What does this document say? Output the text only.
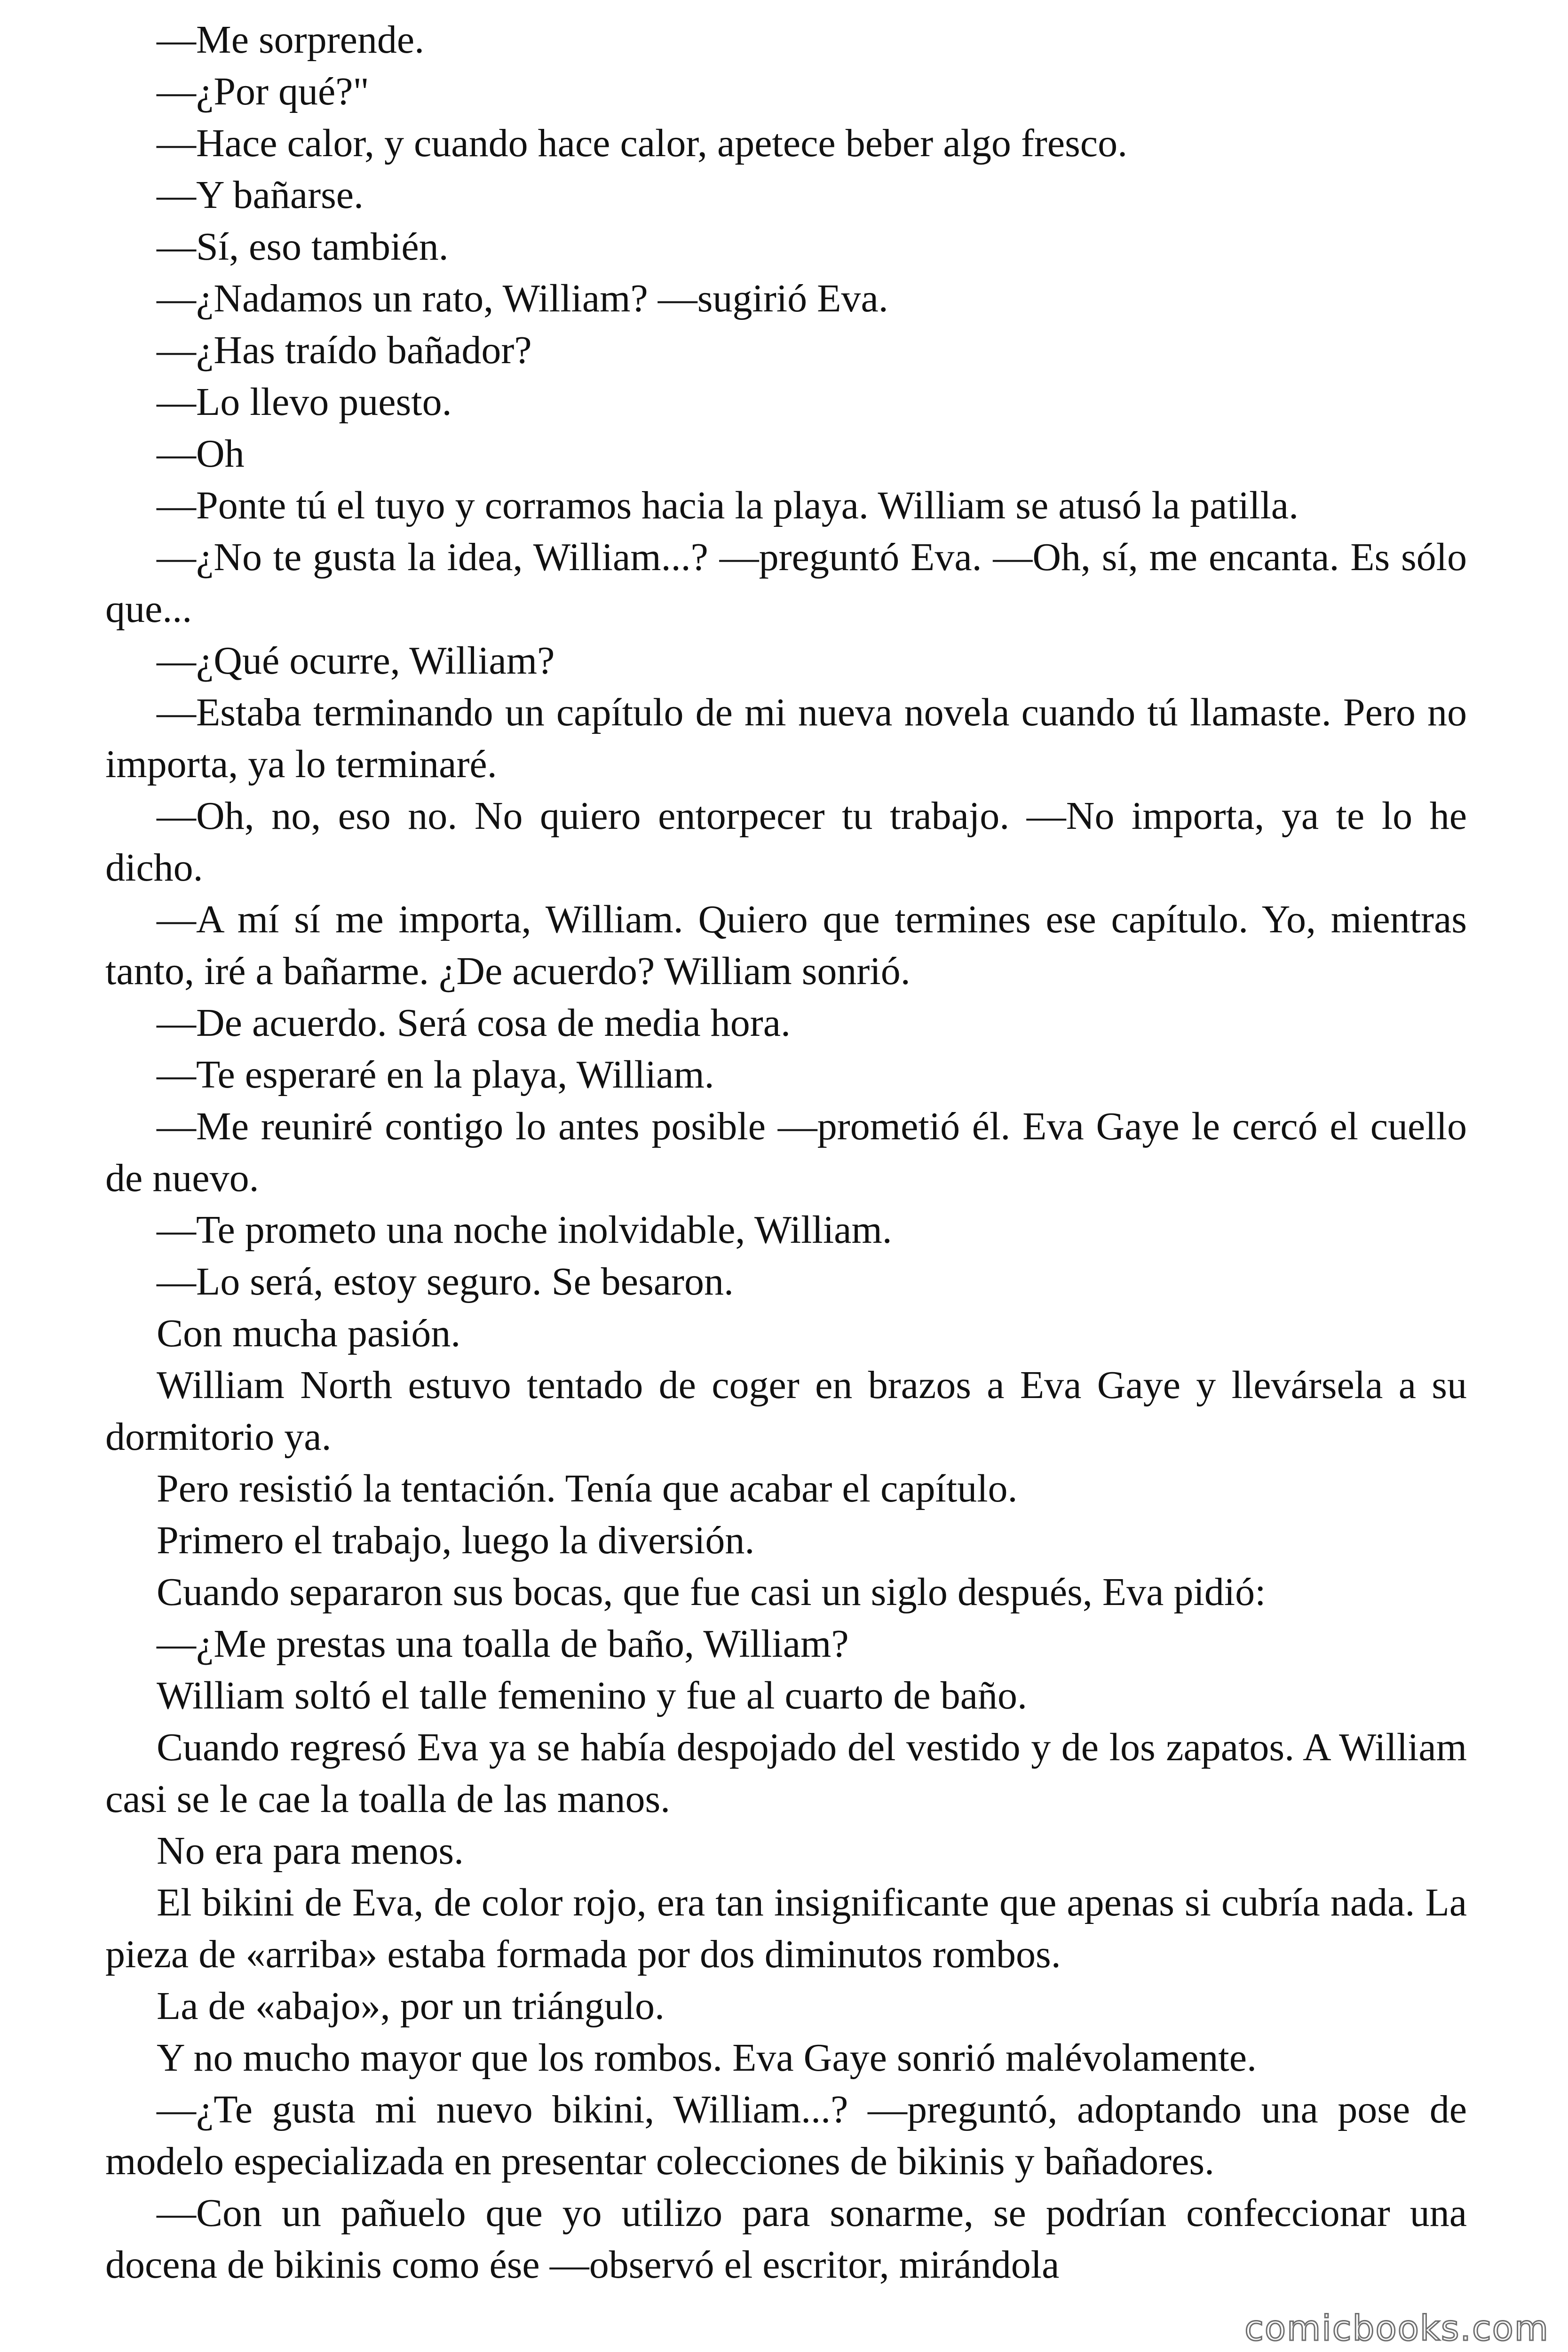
—Me sorprende.

—¿Por qué?"

—Hace calor, y cuando hace calor, apetece beber algo fresco.

—Y bañarse.

—Sí, eso también.

—¿Nadamos un rato, William? —sugirió Eva.

—¿Has traído bañador?

—Lo llevo puesto.

—Oh

—Ponte tú el tuyo y corramos hacia la playa. William se atusó la patilla.

—¿No te gusta la idea, William...? —preguntó Eva. —Oh, sí, me encanta. Es sólo que...

—¿Qué ocurre, William?

—Estaba terminando un capítulo de mi nueva novela cuando tú llamaste. Pero no importa, ya lo terminaré.

—Oh, no, eso no. No quiero entorpecer tu trabajo. —No importa, ya te lo he dicho.

—A mí sí me importa, William. Quiero que termines ese capítulo. Yo, mientras tanto, iré a bañarme. ¿De acuerdo? William sonrió.

—De acuerdo. Será cosa de media hora.

—Te esperaré en la playa, William.

—Me reuniré contigo lo antes posible —prometió él. Eva Gaye le cercó el cuello de nuevo.

—Te prometo una noche inolvidable, William.

—Lo será, estoy seguro. Se besaron.

Con mucha pasión.

William North estuvo tentado de coger en brazos a Eva Gaye y llevársela a su dormitorio ya.

Pero resistió la tentación. Tenía que acabar el capítulo.

Primero el trabajo, luego la diversión.

Cuando separaron sus bocas, que fue casi un siglo después, Eva pidió:

—¿Me prestas una toalla de baño, William?

William soltó el talle femenino y fue al cuarto de baño.

Cuando regresó Eva ya se había despojado del vestido y de los zapatos. A William casi se le cae la toalla de las manos.

No era para menos.

El bikini de Eva, de color rojo, era tan insignificante que apenas si cubría nada. La pieza de «arriba» estaba formada por dos diminutos rombos.

La de «abajo», por un triángulo.

Y no mucho mayor que los rombos. Eva Gaye sonrió malévolamente.

—¿Te gusta mi nuevo bikini, William...? —preguntó, adoptando una pose de modelo especializada en presentar colecciones de bikinis y bañadores.

—Con un pañuelo que yo utilizo para sonarme, se podrían confeccionar una docena de bikinis como ése —observó el escritor, mirándola

comicbooks.com
